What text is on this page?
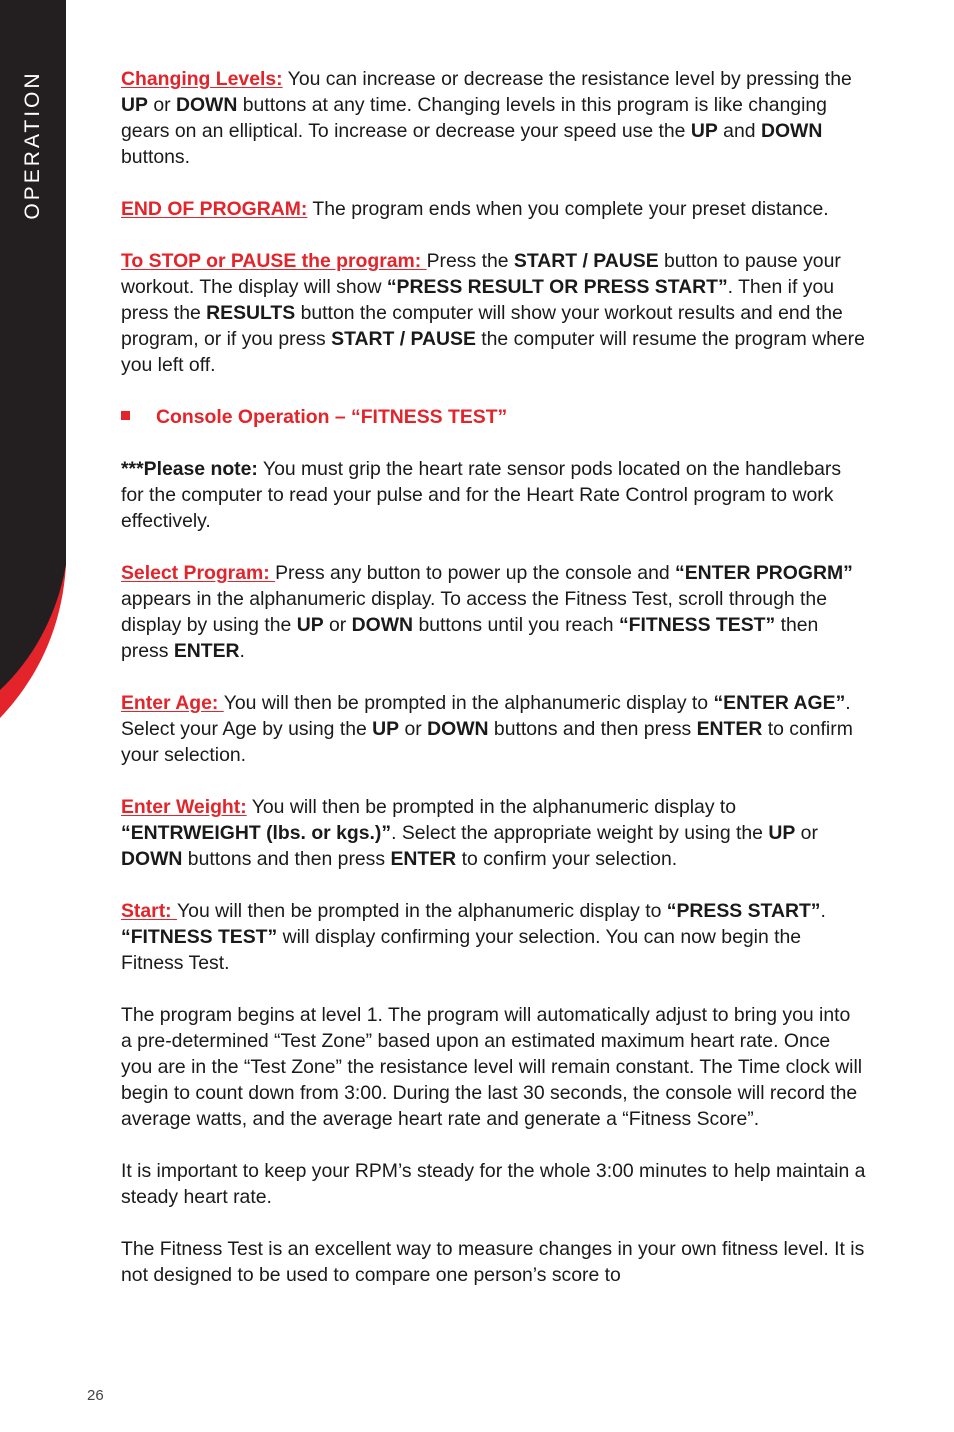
OPERATION	Changing Levels: You can increase or decrease the resistance level by pressing the UP or DOWN buttons at any time. Changing levels in this program is like changing gears on an elliptical. To increase or decrease your speed use the UP and DOWN buttons.

END OF PROGRAM: The program ends when you complete your preset distance.

To STOP or PAUSE the program: Press the START / PAUSE button to pause your workout. The display will show “PRESS RESULT OR PRESS START”. Then if you press the RESULTS button the computer will show your workout results and end the program, or if you press START / PAUSE the computer will resume the program where you left off.

Console Operation – “FITNESS TEST”

***Please note: You must grip the heart rate sensor pods located on the handlebars for the computer to read your pulse and for the Heart Rate Control program to work effectively.

Select Program: Press any button to power up the console and “ENTER PROGRM” appears in the alphanumeric display. To access the Fitness Test, scroll through the display by using the UP or DOWN buttons until you reach “FITNESS TEST” then press ENTER.

Enter Age: You will then be prompted in the alphanumeric display to “ENTER AGE”. Select your Age by using the UP or DOWN buttons and then press ENTER to confirm your selection.

Enter Weight: You will then be prompted in the alphanumeric display to “ENTRWEIGHT (lbs. or kgs.)”. Select the appropriate weight by using the UP or DOWN buttons and then press ENTER to confirm your selection.

Start: You will then be prompted in the alphanumeric display to “PRESS START”. “FITNESS TEST” will display confirming your selection. You can now begin the Fitness Test.

The program begins at level 1. The program will automatically adjust to bring you into a pre-determined “Test Zone” based upon an estimated maximum heart rate. Once you are in the “Test Zone” the resistance level will remain constant. The Time clock will begin to count down from 3:00. During the last 30 seconds, the console will record the average watts, and the average heart rate and generate a “Fitness Score”.

It is important to keep your RPM’s steady for the whole 3:00 minutes to help maintain a steady heart rate.

The Fitness Test is an excellent way to measure changes in your own fitness level. It is not designed to be used to compare one person’s score to

26
